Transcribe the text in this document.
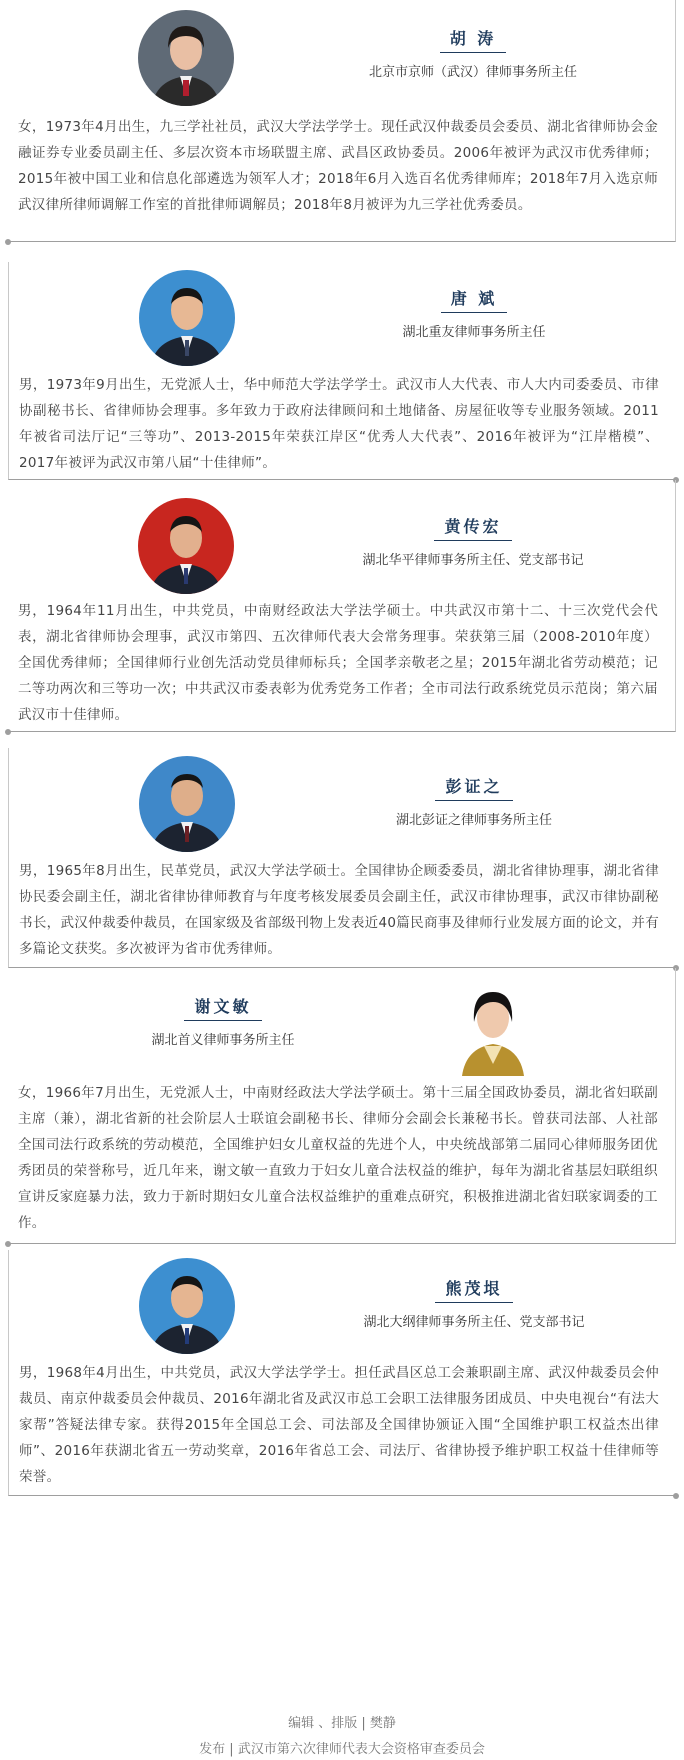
胡 涛
北京市京师（武汉）律师事务所主任
女，1973年4月出生，九三学社社员，武汉大学法学学士。现任武汉仲裁委员会委员、湖北省律师协会金融证券专业委员副主任、多层次资本市场联盟主席、武昌区政协委员。2006年被评为武汉市优秀律师；2015年被中国工业和信息化部遴选为领军人才；2018年6月入选百名优秀律师库；2018年7月入选京师武汉律所律师调解工作室的首批律师调解员；2018年8月被评为九三学社优秀委员。
唐 斌
湖北重友律师事务所主任
男，1973年9月出生，无党派人士，华中师范大学法学学士。武汉市人大代表、市人大内司委委员、市律协副秘书长、省律师协会理事。多年致力于政府法律顾问和土地储备、房屋征收等专业服务领域。2011年被省司法厅记“三等功”、2013-2015年荣获江岸区“优秀人大代表”、2016年被评为“江岸楷模”、2017年被评为武汉市第八届“十佳律师”。
黄传宏
湖北华平律师事务所主任、党支部书记
男，1964年11月出生，中共党员，中南财经政法大学法学硕士。中共武汉市第十二、十三次党代会代表，湖北省律师协会理事，武汉市第四、五次律师代表大会常务理事。荣获第三届（2008-2010年度）全国优秀律师；全国律师行业创先活动党员律师标兵；全国孝亲敬老之星；2015年湖北省劳动模范；记二等功两次和三等功一次；中共武汉市委表彰为优秀党务工作者；全市司法行政系统党员示范岗；第六届武汉市十佳律师。
彭证之
湖北彭证之律师事务所主任
男，1965年8月出生，民革党员，武汉大学法学硕士。全国律协企顾委委员，湖北省律协理事，湖北省律协民委会副主任，湖北省律协律师教育与年度考核发展委员会副主任，武汉市律协理事，武汉市律协副秘书长，武汉仲裁委仲裁员，在国家级及省部级刊物上发表近40篇民商事及律师行业发展方面的论文，并有多篇论文获奖。多次被评为省市优秀律师。
谢文敏
湖北首义律师事务所主任
女，1966年7月出生，无党派人士，中南财经政法大学法学硕士。第十三届全国政协委员，湖北省妇联副主席（兼），湖北省新的社会阶层人士联谊会副秘书长、律师分会副会长兼秘书长。曾获司法部、人社部全国司法行政系统的劳动模范，全国维护妇女儿童权益的先进个人，中央统战部第二届同心律师服务团优秀团员的荣誉称号，近几年来，谢文敏一直致力于妇女儿童合法权益的维护，每年为湖北省基层妇联组织宣讲反家庭暴力法，致力于新时期妇女儿童合法权益维护的重难点研究，积极推进湖北省妇联家调委的工作。
熊茂垠
湖北大纲律师事务所主任、党支部书记
男，1968年4月出生，中共党员，武汉大学法学学士。担任武昌区总工会兼职副主席、武汉仲裁委员会仲裁员、南京仲裁委员会仲裁员、2016年湖北省及武汉市总工会职工法律服务团成员、中央电视台“有法大家帮”答疑法律专家。获得2015年全国总工会、司法部及全国律协颁证入围“全国维护职工权益杰出律师”、2016年获湖北省五一劳动奖章，2016年省总工会、司法厅、省律协授予维护职工权益十佳律师等荣誉。
编辑 、排版 | 樊静
发布 | 武汉市第六次律师代表大会资格审查委员会
